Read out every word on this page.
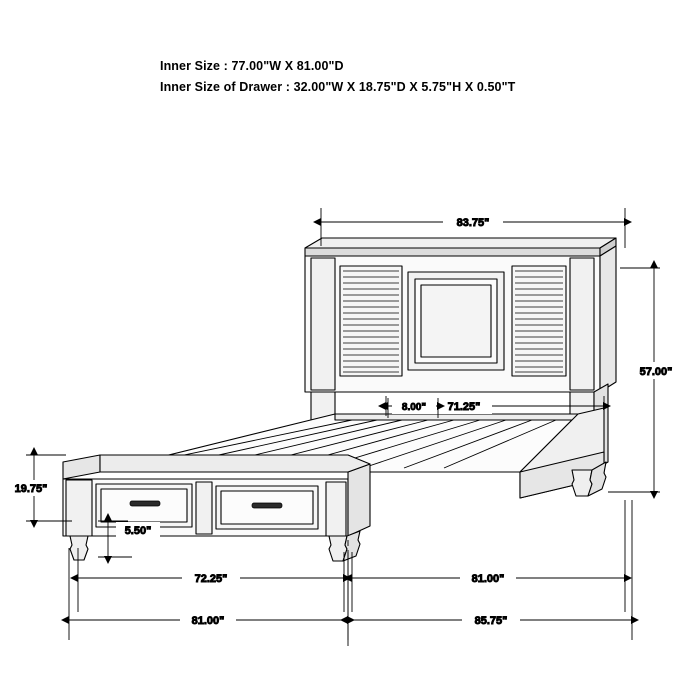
Inner Size : 77.00"W X 81.00"D
Inner Size of Drawer : 32.00"W X 18.75"D X 5.75"H X 0.50"T
83.75"
57.00"
71.25"
8.00"
19.75"
5.50"
72.25"	81.00"
81.00"	85.75"
